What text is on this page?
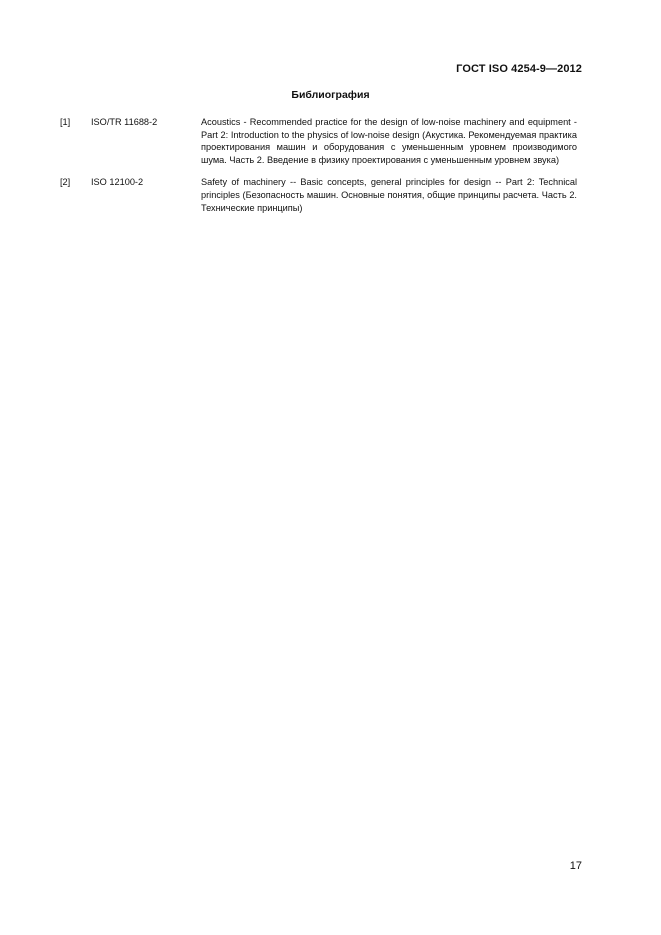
ГОСТ ISO 4254-9—2012
Библиография
[1] ISO/TR 11688-2	Acoustics - Recommended practice for the design of low-noise machinery and equipment - Part 2: Introduction to the physics of low-noise design (Акустика. Рекомендуемая практика проектирования машин и оборудования с уменьшенным уровнем производимого шума. Часть 2. Введение в физику проектирования с уменьшенным уровнем звука)
[2] ISO 12100-2	Safety of machinery -- Basic concepts, general principles for design -- Part 2: Technical principles (Безопасность машин. Основные понятия, общие принципы расчета. Часть 2. Технические принципы)
17
